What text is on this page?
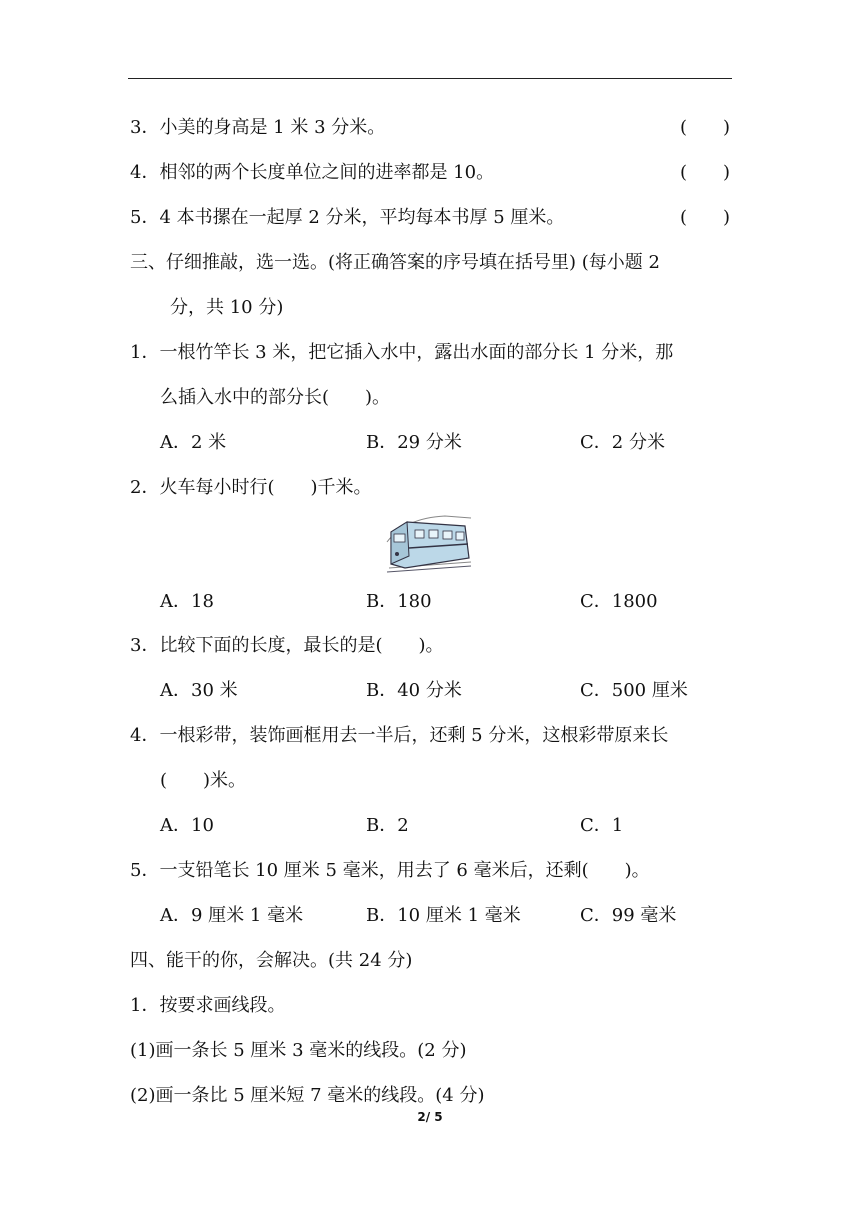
3．小美的身高是 1 米 3 分米。	(　　)
4．相邻的两个长度单位之间的进率都是 10。	(　　)
5．4 本书摞在一起厚 2 分米，平均每本书厚 5 厘米。	(　　)
三、仔细推敲，选一选。(将正确答案的序号填在括号里) (每小题 2
分，共 10 分)
1．一根竹竿长 3 米，把它插入水中，露出水面的部分长 1 分米，那
么插入水中的部分长(　　)。
A．2 米	B．29 分米	C．2 分米
2．火车每小时行(　　)千米。
A．18	B．180	C．1800
3．比较下面的长度，最长的是(　　)。
A．30 米	B．40 分米	C．500 厘米
4．一根彩带，装饰画框用去一半后，还剩 5 分米，这根彩带原来长
(　　)米。
A．10	B．2	C．1
5．一支铅笔长 10 厘米 5 毫米，用去了 6 毫米后，还剩(　　)。
A．9 厘米 1 毫米	B．10 厘米 1 毫米	C．99 毫米
四、能干的你，会解决。(共 24 分)
1．按要求画线段。
(1)画一条长 5 厘米 3 毫米的线段。(2 分)
(2)画一条比 5 厘米短 7 毫米的线段。(4 分)
2/ 5
